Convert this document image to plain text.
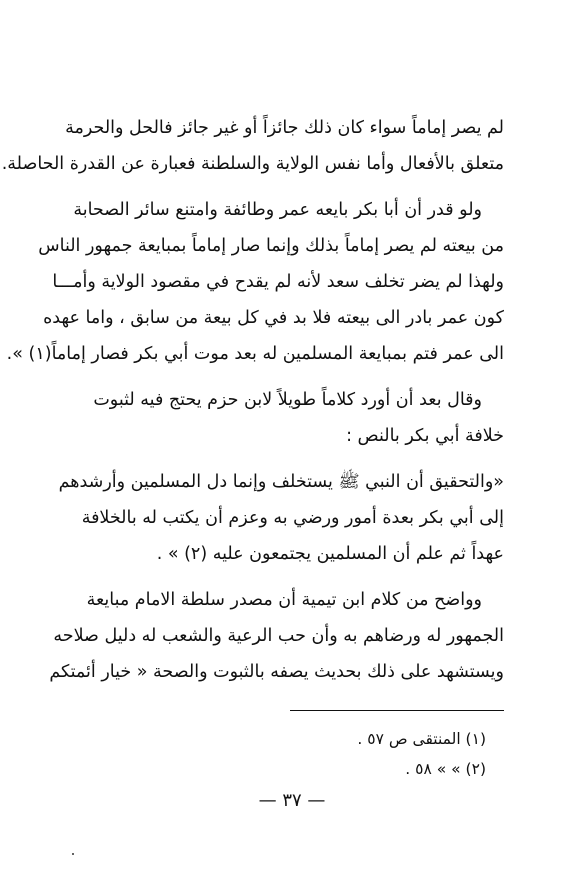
لم يصر إماماً سواء كان ذلك جائزاً أو غير جائز فالحل والحرمة
متعلق بالأفعال وأما نفس الولاية والسلطنة فعبارة عن القدرة الحاصلة.
ولو قدر أن أبا بكر بايعه عمر وطائفة وامتنع سائر الصحابة
من بيعته لم يصر إماماً بذلك وإنما صار إماماً بمبايعة جمهور الناس
ولهذا لم يضر تخلف سعد لأنه لم يقدح في مقصود الولاية وأمـــا
كون عمر بادر الى بيعته فلا بد في كل بيعة من سابق ، واما عهده
الى عمر فتم بمبايعة المسلمين له بعد موت أبي بكر فصار إماماً(١) ».
وقال بعد أن أورد كلاماً طويلاً لابن حزم يحتج فيه لثبوت
خلافة أبي بكر بالنص :
«والتحقيق أن النبي ﷺ يستخلف وإنما دل المسلمين وأرشدهم
إلى أبي بكر بعدة أمور ورضي به وعزم أن يكتب له بالخلافة
عهداً ثم علم أن المسلمين يجتمعون عليه (٢) » .
وواضح من كلام ابن تيمية أن مصدر سلطة الامام مبايعة
الجمهور له ورضاهم به وأن حب الرعية والشعب له دليل صلاحه
ويستشهد على ذلك بحديث يصفه بالثبوت والصحة « خيار أئمتكم
(١) المنتقى ص ٥٧ .
(٢) » » ٥٨ .
— ٣٧ —
